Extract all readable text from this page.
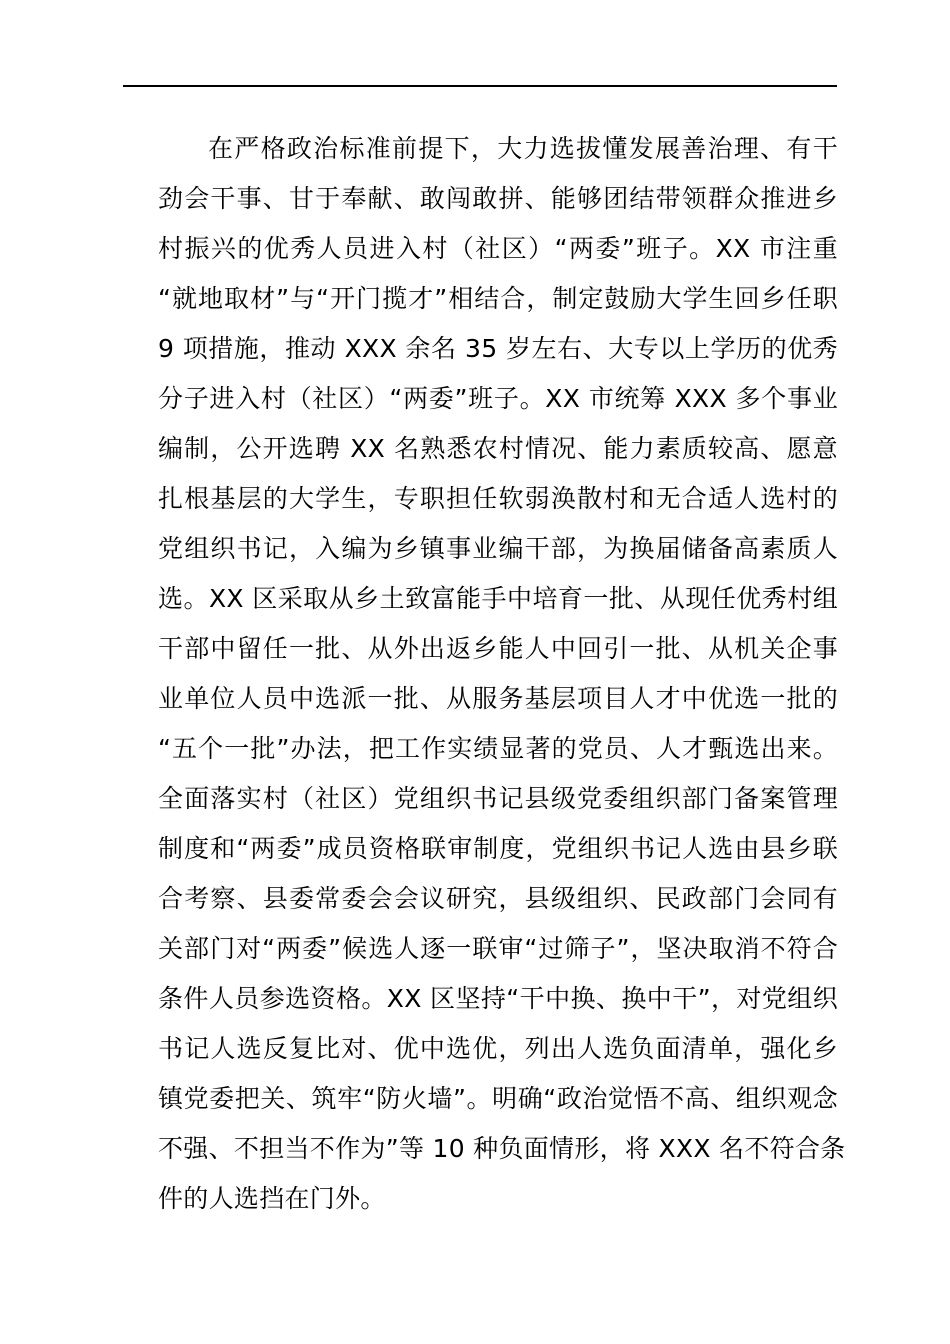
在严格政治标准前提下，大力选拔懂发展善治理、有干
劲会干事、甘于奉献、敢闯敢拼、能够团结带领群众推进乡
村振兴的优秀人员进入村（社区）“两委”班子。XX 市注重
“就地取材”与“开门揽才”相结合，制定鼓励大学生回乡任职
9 项措施，推动 XXX 余名 35 岁左右、大专以上学历的优秀
分子进入村（社区）“两委”班子。XX 市统筹 XXX 多个事业
编制，公开选聘 XX 名熟悉农村情况、能力素质较高、愿意
扎根基层的大学生，专职担任软弱涣散村和无合适人选村的
党组织书记，入编为乡镇事业编干部，为换届储备高素质人
选。XX 区采取从乡土致富能手中培育一批、从现任优秀村组
干部中留任一批、从外出返乡能人中回引一批、从机关企事
业单位人员中选派一批、从服务基层项目人才中优选一批的
“五个一批”办法，把工作实绩显著的党员、人才甄选出来。
全面落实村（社区）党组织书记县级党委组织部门备案管理
制度和“两委”成员资格联审制度，党组织书记人选由县乡联
合考察、县委常委会会议研究，县级组织、民政部门会同有
关部门对“两委”候选人逐一联审“过筛子”，坚决取消不符合
条件人员参选资格。XX 区坚持“干中换、换中干”，对党组织
书记人选反复比对、优中选优，列出人选负面清单，强化乡
镇党委把关、筑牢“防火墙”。明确“政治觉悟不高、组织观念
不强、不担当不作为”等 10 种负面情形，将 XXX 名不符合条
件的人选挡在门外。
